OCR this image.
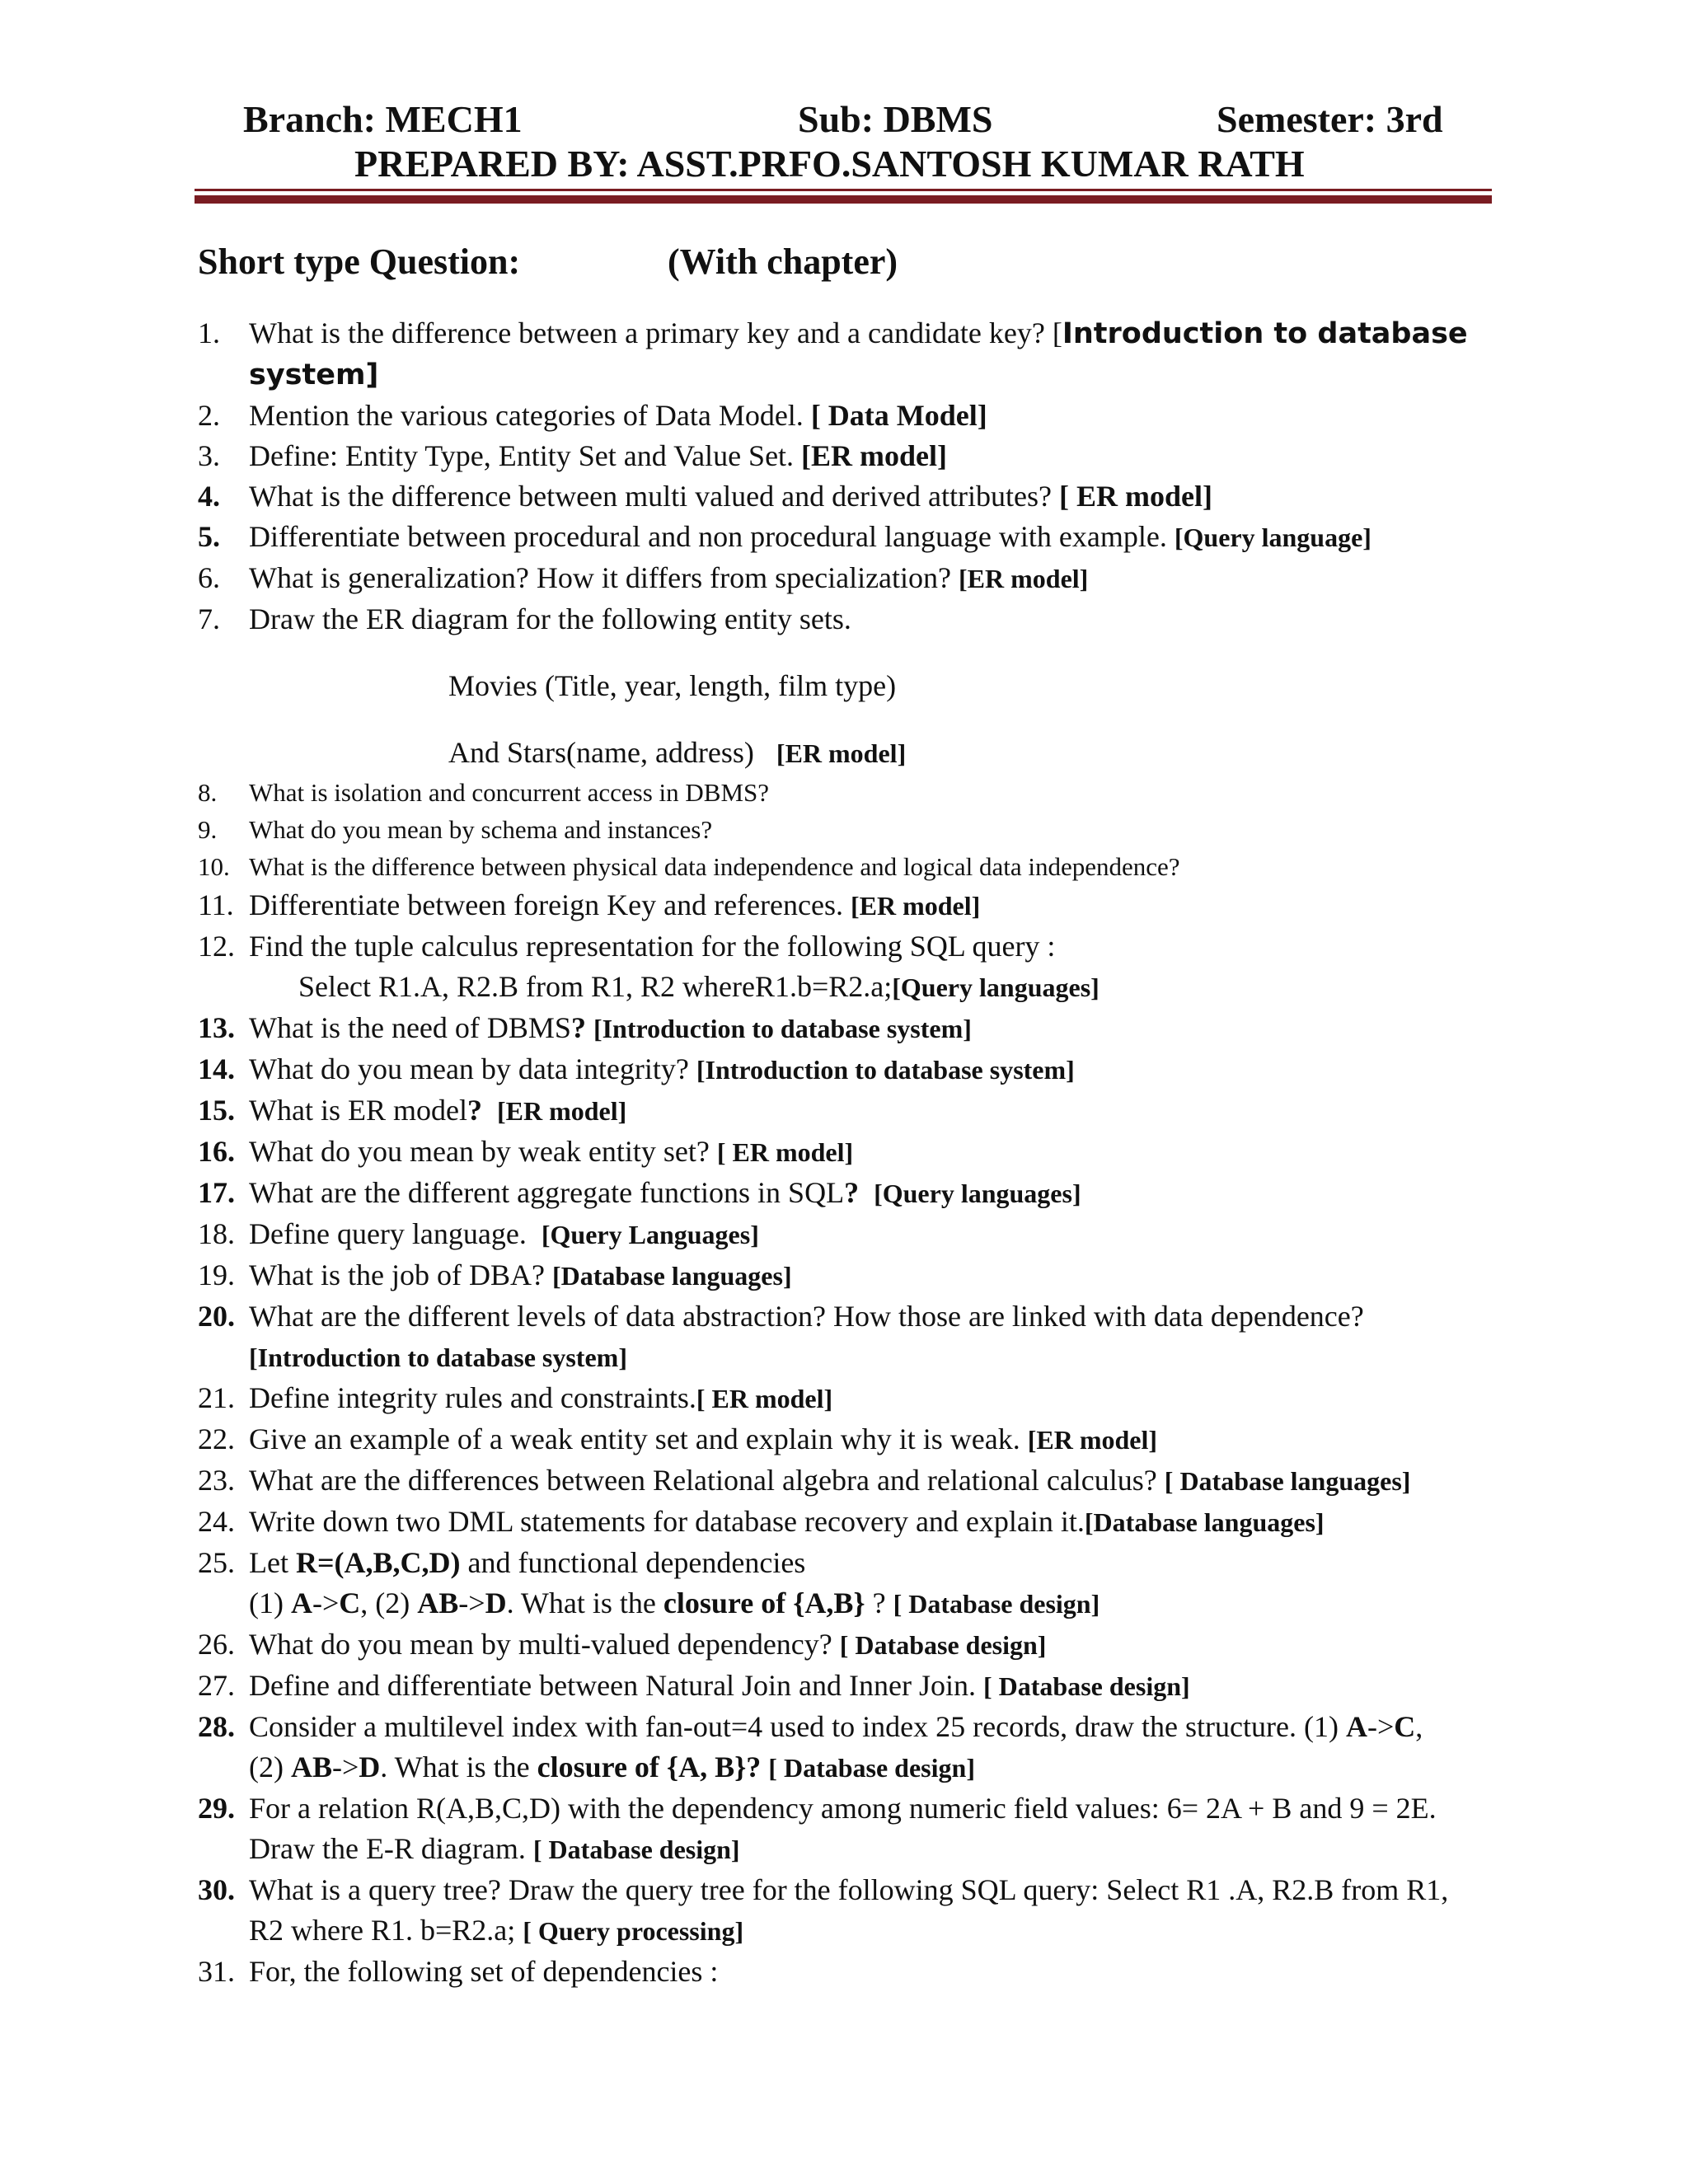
Branch: MECH1	Sub: DBMS	Semester: 3rd
PREPARED BY: ASST.PRFO.SANTOSH KUMAR RATH
Short type Question:	(With chapter)
1. What is the difference between a primary key and a candidate key? [Introduction to database
system]
2. Mention the various categories of Data Model. [ Data Model]
3. Define: Entity Type, Entity Set and Value Set. [ER model]
4. What is the difference between multi valued and derived attributes? [ ER model]
5. Differentiate between procedural and non procedural language with example. [Query language]
6. What is generalization? How it differs from specialization? [ER model]
7. Draw the ER diagram for the following entity sets.
Movies (Title, year, length, film type)
And Stars(name, address) [ER model]
8.	What is isolation and concurrent access in DBMS?
9.	What do you mean by schema and instances?
10. What is the difference between physical data independence and logical data independence?
11. Differentiate between foreign Key and references. [ER model]
12. Find the tuple calculus representation for the following SQL query :
Select R1.A, R2.B from R1, R2 whereR1.b=R2.a;[Query languages]
13. What is the need of DBMS? [Introduction to database system]
14. What do you mean by data integrity? [Introduction to database system]
15. What is ER model? [ER model]
16. What do you mean by weak entity set? [ ER model]
17. What are the different aggregate functions in SQL? [Query languages]
18. Define query language. [Query Languages]
19. What is the job of DBA? [Database languages]
20. What are the different levels of data abstraction? How those are linked with data dependence?
[Introduction to database system]
21. Define integrity rules and constraints.[ ER model]
22. Give an example of a weak entity set and explain why it is weak. [ER model]
23. What are the differences between Relational algebra and relational calculus? [ Database languages]
24. Write down two DML statements for database recovery and explain it.[Database languages]
25. Let R=(A,B,C,D) and functional dependencies
(1) A->C, (2) AB->D. What is the closure of {A,B} ? [ Database design]
26. What do you mean by multi-valued dependency? [ Database design]
27. Define and differentiate between Natural Join and Inner Join. [ Database design]
28. Consider a multilevel index with fan-out=4 used to index 25 records, draw the structure. (1) A->C,
(2) AB->D. What is the closure of {A, B}? [ Database design]
29. For a relation R(A,B,C,D) with the dependency among numeric field values: 6= 2A + B and 9 = 2E.
Draw the E-R diagram. [ Database design]
30. What is a query tree? Draw the query tree for the following SQL query: Select R1 .A, R2.B from R1,
R2 where R1. b=R2.a; [ Query processing]
31. For, the following set of dependencies :
